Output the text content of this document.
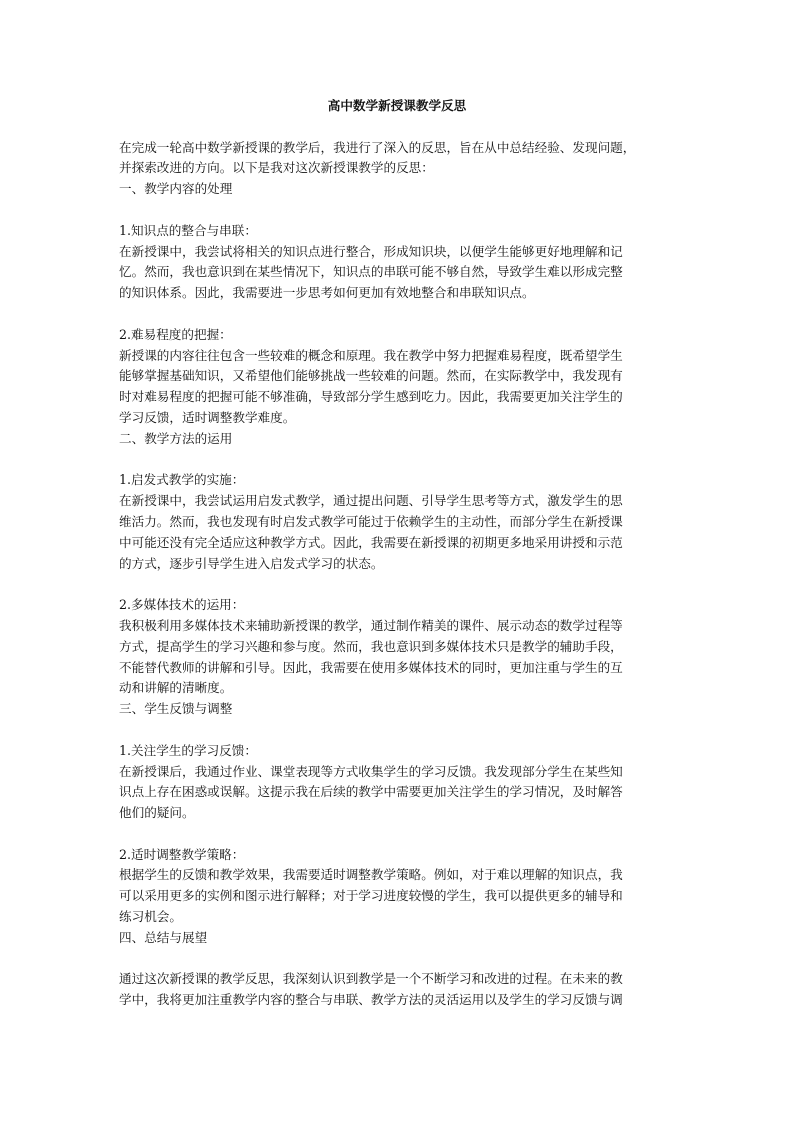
高中数学新授课教学反思
在完成一轮高中数学新授课的教学后，我进行了深入的反思，旨在从中总结经验、发现问题，
并探索改进的方向。以下是我对这次新授课教学的反思：
一、教学内容的处理
1.知识点的整合与串联：
在新授课中，我尝试将相关的知识点进行整合，形成知识块，以便学生能够更好地理解和记
忆。然而，我也意识到在某些情况下，知识点的串联可能不够自然，导致学生难以形成完整
的知识体系。因此，我需要进一步思考如何更加有效地整合和串联知识点。
2.难易程度的把握：
新授课的内容往往包含一些较难的概念和原理。我在教学中努力把握难易程度，既希望学生
能够掌握基础知识，又希望他们能够挑战一些较难的问题。然而，在实际教学中，我发现有
时对难易程度的把握可能不够准确，导致部分学生感到吃力。因此，我需要更加关注学生的
学习反馈，适时调整教学难度。
二、教学方法的运用
1.启发式教学的实施：
在新授课中，我尝试运用启发式教学，通过提出问题、引导学生思考等方式，激发学生的思
维活力。然而，我也发现有时启发式教学可能过于依赖学生的主动性，而部分学生在新授课
中可能还没有完全适应这种教学方式。因此，我需要在新授课的初期更多地采用讲授和示范
的方式，逐步引导学生进入启发式学习的状态。
2.多媒体技术的运用：
我积极利用多媒体技术来辅助新授课的教学，通过制作精美的课件、展示动态的数学过程等
方式，提高学生的学习兴趣和参与度。然而，我也意识到多媒体技术只是教学的辅助手段，
不能替代教师的讲解和引导。因此，我需要在使用多媒体技术的同时，更加注重与学生的互
动和讲解的清晰度。
三、学生反馈与调整
1.关注学生的学习反馈：
在新授课后，我通过作业、课堂表现等方式收集学生的学习反馈。我发现部分学生在某些知
识点上存在困惑或误解。这提示我在后续的教学中需要更加关注学生的学习情况，及时解答
他们的疑问。
2.适时调整教学策略：
根据学生的反馈和教学效果，我需要适时调整教学策略。例如，对于难以理解的知识点，我
可以采用更多的实例和图示进行解释；对于学习进度较慢的学生，我可以提供更多的辅导和
练习机会。
四、总结与展望
通过这次新授课的教学反思，我深刻认识到教学是一个不断学习和改进的过程。在未来的教
学中，我将更加注重教学内容的整合与串联、教学方法的灵活运用以及学生的学习反馈与调
